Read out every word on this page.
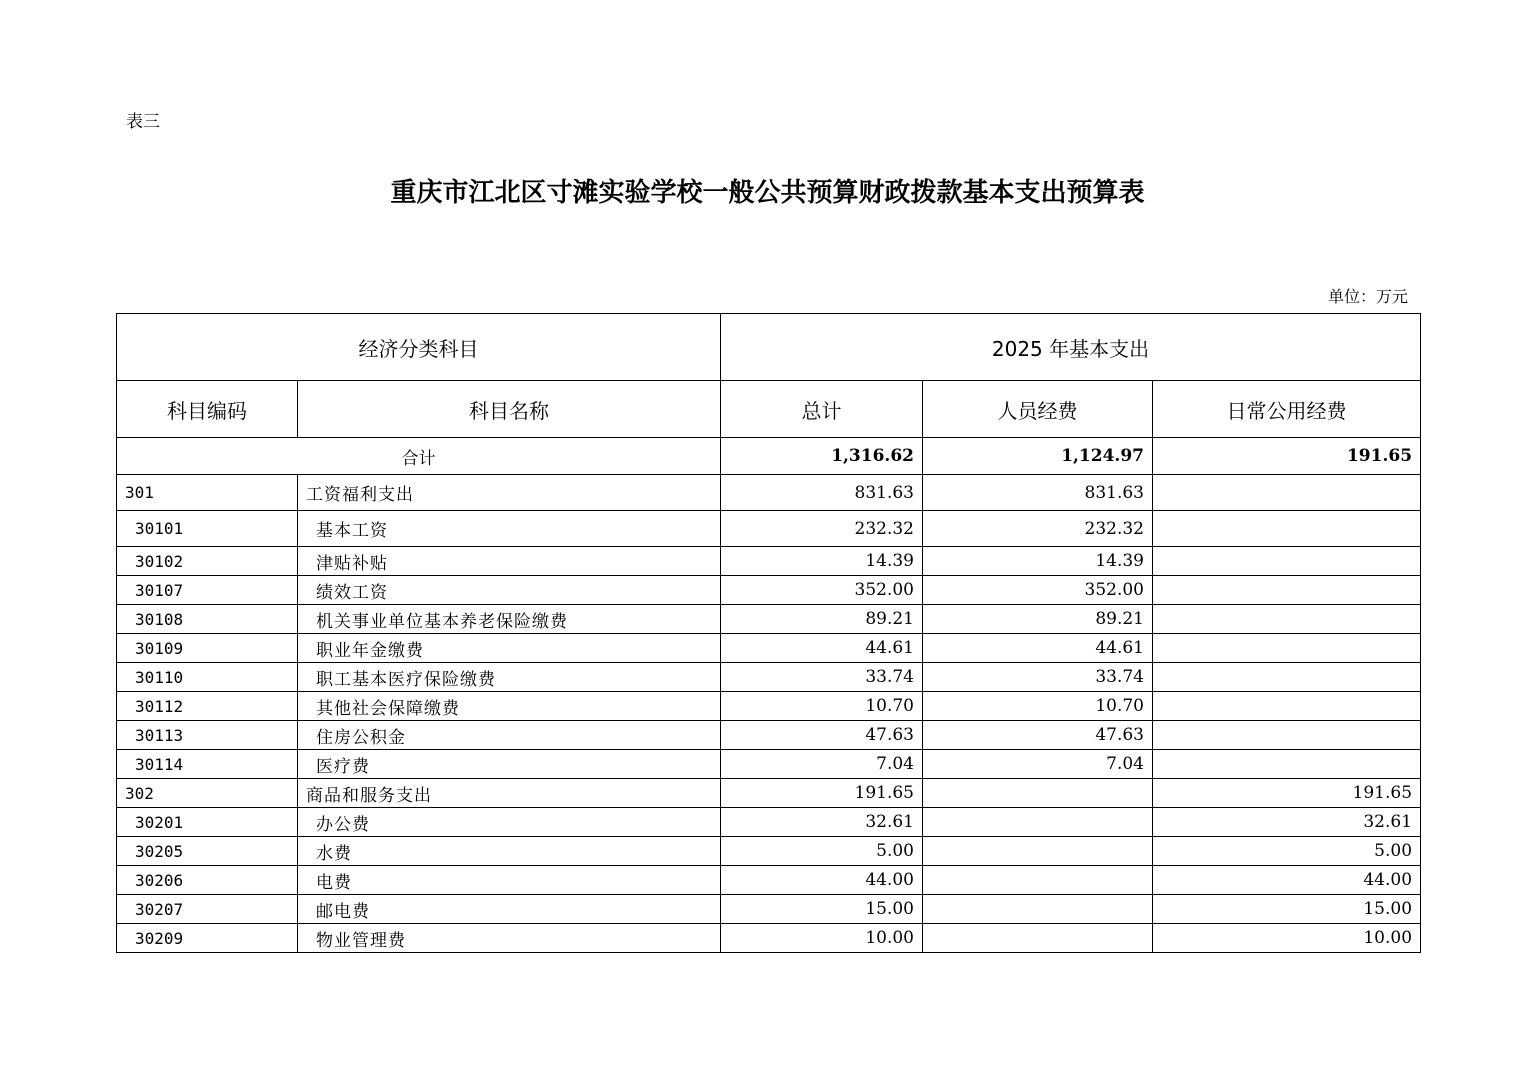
表三
重庆市江北区寸滩实验学校一般公共预算财政拨款基本支出预算表
单位：万元
经济分类科目		2025 年基本支出		
科目编码	科目名称	总计	人员经费	日常公用经费
合计		1,316.62	1,124.97	191.65
301	工资福利支出	831.63	831.63	
30101	基本工资	232.32	232.32	
30102	津贴补贴	14.39	14.39	
30107	绩效工资	352.00	352.00	
30108	机关事业单位基本养老保险缴费	89.21	89.21	
30109	职业年金缴费	44.61	44.61	
30110	职工基本医疗保险缴费	33.74	33.74	
30112	其他社会保障缴费	10.70	10.70	
30113	住房公积金	47.63	47.63	
30114	医疗费	7.04	7.04	
302	商品和服务支出	191.65		191.65
30201	办公费	32.61		32.61
30205	水费	5.00		5.00
30206	电费	44.00		44.00
30207	邮电费	15.00		15.00
30209	物业管理费	10.00		10.00
